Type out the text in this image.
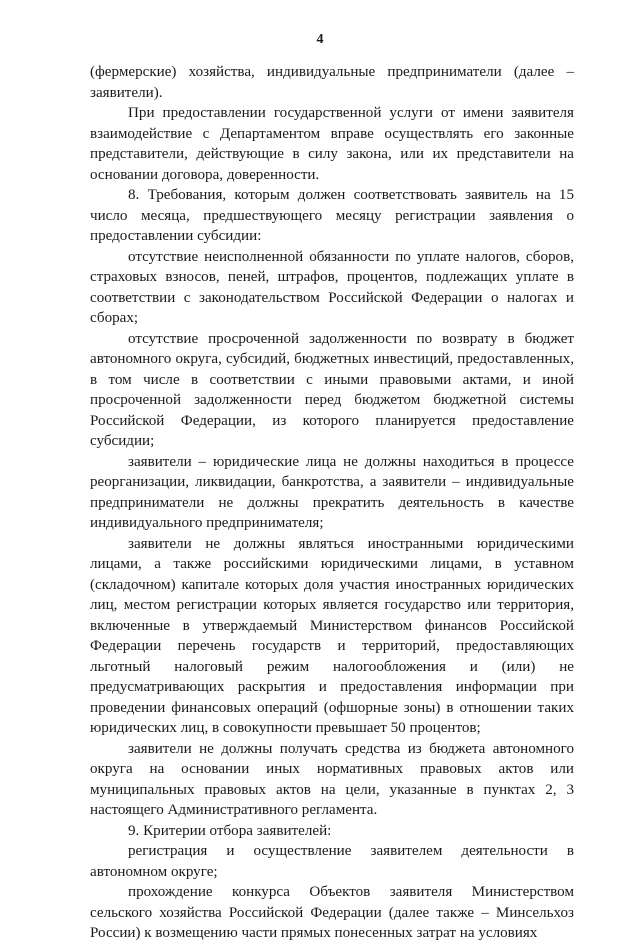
4

(фермерские) хозяйства, индивидуальные предприниматели (далее – заявители).

При предоставлении государственной услуги от имени заявителя взаимодействие с Департаментом вправе осуществлять его законные представители, действующие в силу закона, или их представители на основании договора, доверенности.

8. Требования, которым должен соответствовать заявитель на 15 число месяца, предшествующего месяцу регистрации заявления о предоставлении субсидии:

отсутствие неисполненной обязанности по уплате налогов, сборов, страховых взносов, пеней, штрафов, процентов, подлежащих уплате в соответствии с законодательством Российской Федерации о налогах и сборах;

отсутствие просроченной задолженности по возврату в бюджет автономного округа, субсидий, бюджетных инвестиций, предоставленных, в том числе в соответствии с иными правовыми актами, и иной просроченной задолженности перед бюджетом бюджетной системы Российской Федерации, из которого планируется предоставление субсидии;

заявители – юридические лица не должны находиться в процессе реорганизации, ликвидации, банкротства, а заявители – индивидуальные предприниматели не должны прекратить деятельность в качестве индивидуального предпринимателя;

заявители не должны являться иностранными юридическими лицами, а также российскими юридическими лицами, в уставном (складочном) капитале которых доля участия иностранных юридических лиц, местом регистрации которых является государство или территория, включенные в утверждаемый Министерством финансов Российской Федерации перечень государств и территорий, предоставляющих льготный налоговый режим налогообложения и (или) не предусматривающих раскрытия и предоставления информации при проведении финансовых операций (офшорные зоны) в отношении таких юридических лиц, в совокупности превышает 50 процентов;

заявители не должны получать средства из бюджета автономного округа на основании иных нормативных правовых актов или муниципальных правовых актов на цели, указанные в пунктах 2, 3 настоящего Административного регламента.

9. Критерии отбора заявителей:

регистрация и осуществление заявителем деятельности в автономном округе;

прохождение конкурса Объектов заявителя Министерством сельского хозяйства Российской Федерации (далее также – Минсельхоз России) к возмещению части прямых понесенных затрат на условиях
